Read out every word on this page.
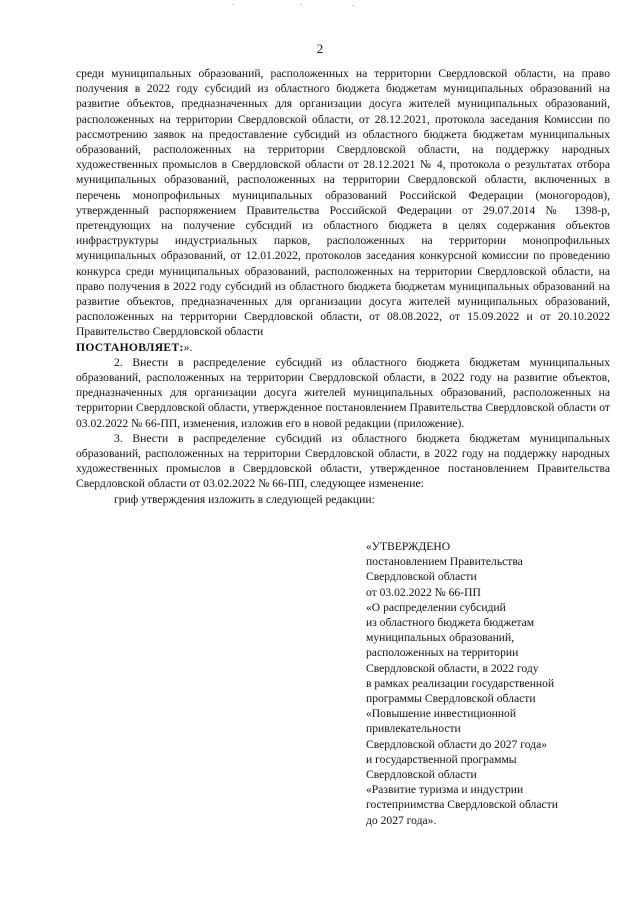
2

среди муниципальных образований, расположенных на территории Свердловской области, на право получения в 2022 году субсидий из областного бюджета бюджетам муниципальных образований на развитие объектов, предназначенных для организации досуга жителей муниципальных образований, расположенных на территории Свердловской области, от 28.12.2021, протокола заседания Комиссии по рассмотрению заявок на предоставление субсидий из областного бюджета бюджетам муниципальных образований, расположенных на территории Свердловской области, на поддержку народных художественных промыслов в Свердловской области от 28.12.2021 № 4, протокола о результатах отбора муниципальных образований, расположенных на территории Свердловской области, включенных в перечень монопрофильных муниципальных образований Российской Федерации (моногородов), утвержденный распоряжением Правительства Российской Федерации от 29.07.2014 № 1398-р, претендующих на получение субсидий из областного бюджета в целях содержания объектов инфраструктуры индустриальных парков, расположенных на территории монопрофильных муниципальных образований, от 12.01.2022, протоколов заседания конкурсной комиссии по проведению конкурса среди муниципальных образований, расположенных на территории Свердловской области, на право получения в 2022 году субсидий из областного бюджета бюджетам муниципальных образований на развитие объектов, предназначенных для организации досуга жителей муниципальных образований, расположенных на территории Свердловской области, от 08.08.2022, от 15.09.2022 и от 20.10.2022 Правительство Свердловской области

ПОСТАНОВЛЯЕТ:».

2. Внести в распределение субсидий из областного бюджета бюджетам муниципальных образований, расположенных на территории Свердловской области, в 2022 году на развитие объектов, предназначенных для организации досуга жителей муниципальных образований, расположенных на территории Свердловской области, утвержденное постановлением Правительства Свердловской области от 03.02.2022 № 66-ПП, изменения, изложив его в новой редакции (приложение).

3. Внести в распределение субсидий из областного бюджета бюджетам муниципальных образований, расположенных на территории Свердловской области, в 2022 году на поддержку народных художественных промыслов в Свердловской области, утвержденное постановлением Правительства Свердловской области от 03.02.2022 № 66-ПП, следующее изменение:

гриф утверждения изложить в следующей редакции:

«УТВЕРЖДЕНО
постановлением Правительства
Свердловской области
от 03.02.2022 № 66-ПП
«О распределении субсидий
из областного бюджета бюджетам
муниципальных образований,
расположенных на территории
Свердловской области, в 2022 году
в рамках реализации государственной
программы Свердловской области
«Повышение инвестиционной
привлекательности
Свердловской области до 2027 года»
и государственной программы
Свердловской области
«Развитие туризма и индустрии
гостеприимства Свердловской области
до 2027 года».
